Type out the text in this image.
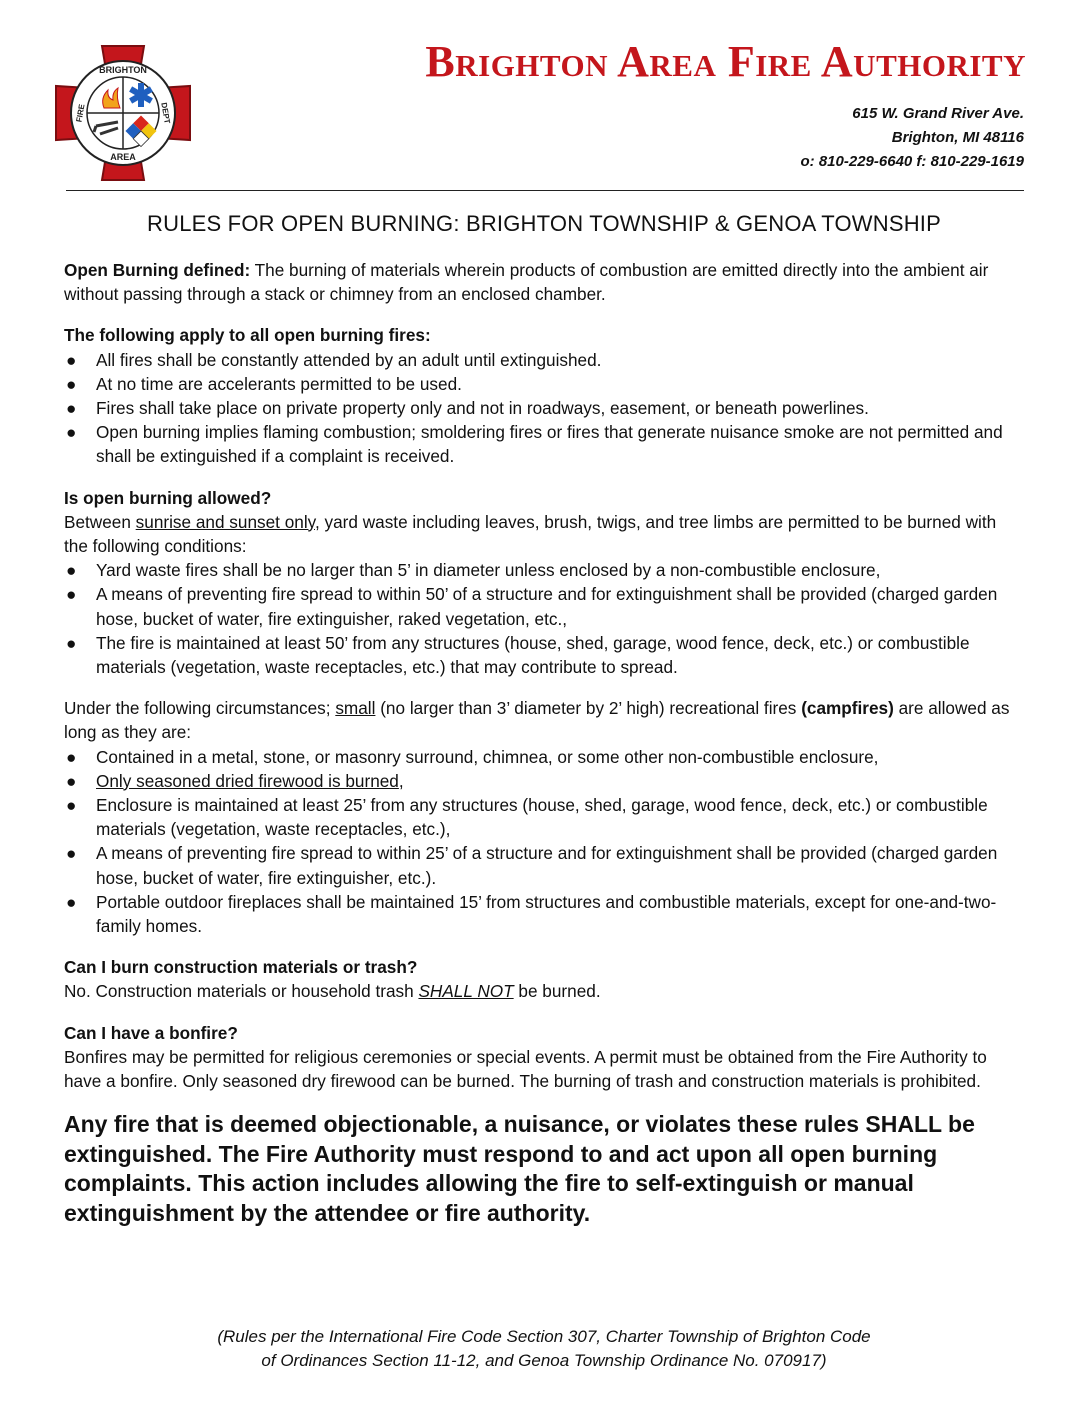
BRIGHTON
AREA
FIRE	DEPT
Brighton Area Fire Authority
615 W. Grand River Ave.
Brighton, MI 48116
o: 810-229-6640 f: 810-229-1619
RULES FOR OPEN BURNING: BRIGHTON TOWNSHIP & GENOA TOWNSHIP

Open Burning defined: The burning of materials wherein products of combustion are emitted directly into the ambient air without passing through a stack or chimney from an enclosed chamber.

The following apply to all open burning fires:

● All fires shall be constantly attended by an adult until extinguished.
● At no time are accelerants permitted to be used.
● Fires shall take place on private property only and not in roadways, easement, or beneath powerlines.
● Open burning implies flaming combustion; smoldering fires or fires that generate nuisance smoke are not permitted and shall be extinguished if a complaint is received.

Is open burning allowed?

Between sunrise and sunset only, yard waste including leaves, brush, twigs, and tree limbs are permitted to be burned with the following conditions:

● Yard waste fires shall be no larger than 5’ in diameter unless enclosed by a non-combustible enclosure,
● A means of preventing fire spread to within 50’ of a structure and for extinguishment shall be provided (charged garden hose, bucket of water, fire extinguisher, raked vegetation, etc.,
● The fire is maintained at least 50’ from any structures (house, shed, garage, wood fence, deck, etc.) or combustible materials (vegetation, waste receptacles, etc.) that may contribute to spread.

Under the following circumstances; small (no larger than 3’ diameter by 2’ high) recreational fires (campfires) are allowed as long as they are:

● Contained in a metal, stone, or masonry surround, chimnea, or some other non-combustible enclosure,
● Only seasoned dried firewood is burned,
● Enclosure is maintained at least 25’ from any structures (house, shed, garage, wood fence, deck, etc.) or combustible materials (vegetation, waste receptacles, etc.),
● A means of preventing fire spread to within 25’ of a structure and for extinguishment shall be provided (charged garden hose, bucket of water, fire extinguisher, etc.).
● Portable outdoor fireplaces shall be maintained 15’ from structures and combustible materials, except for one-and-two-family homes.

Can I burn construction materials or trash?

No. Construction materials or household trash SHALL NOT be burned.

Can I have a bonfire?

Bonfires may be permitted for religious ceremonies or special events. A permit must be obtained from the Fire Authority to have a bonfire. Only seasoned dry firewood can be burned. The burning of trash and construction materials is prohibited.

Any fire that is deemed objectionable, a nuisance, or violates these rules SHALL be extinguished. The Fire Authority must respond to and act upon all open burning complaints. This action includes allowing the fire to self-extinguish or manual extinguishment by the attendee or fire authority.

(Rules per the International Fire Code Section 307, Charter Township of Brighton Code
of Ordinances Section 11-12, and Genoa Township Ordinance No. 070917)
